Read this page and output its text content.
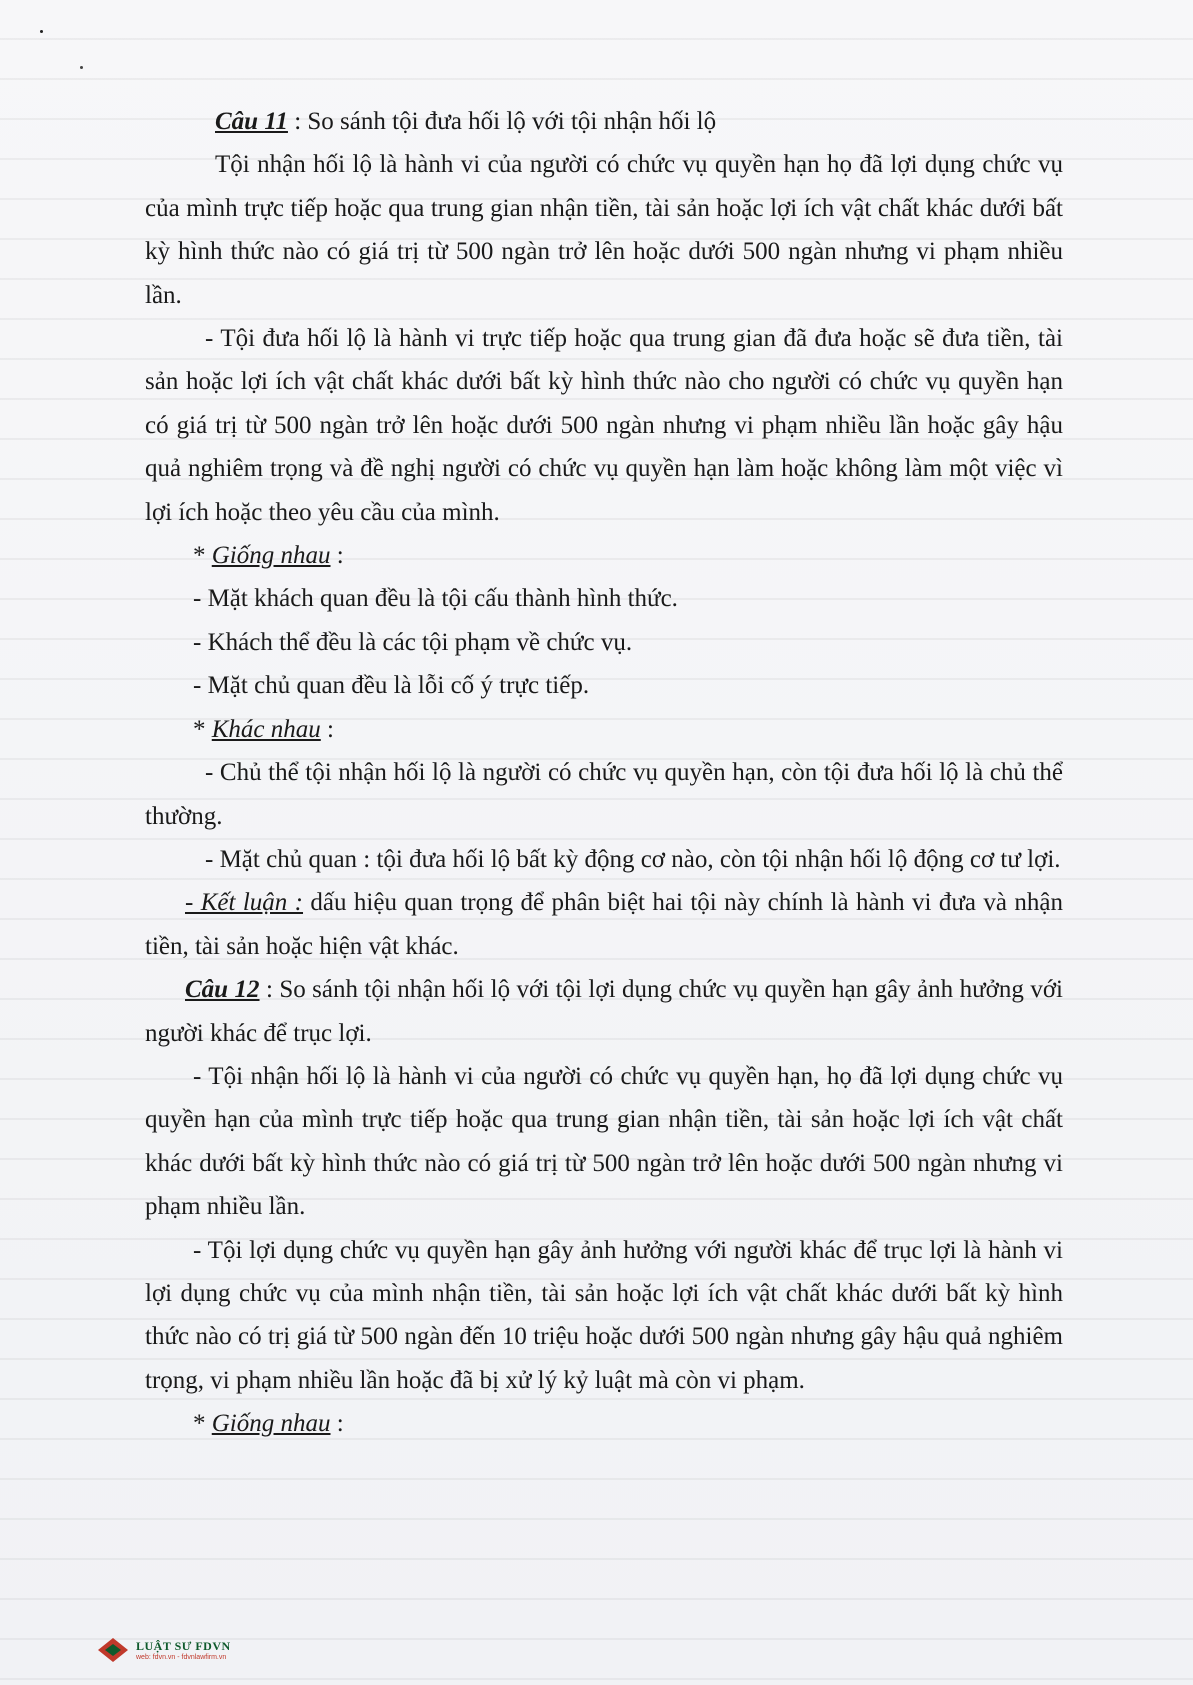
Câu 11 : So sánh tội đưa hối lộ với tội nhận hối lộ

Tội nhận hối lộ là hành vi của người có chức vụ quyền hạn họ đã lợi dụng chức vụ của mình trực tiếp hoặc qua trung gian nhận tiền, tài sản hoặc lợi ích vật chất khác dưới bất kỳ hình thức nào có giá trị từ 500 ngàn trở lên hoặc dưới 500 ngàn nhưng vi phạm nhiều lần.

- Tội đưa hối lộ là hành vi trực tiếp hoặc qua trung gian đã đưa hoặc sẽ đưa tiền, tài sản hoặc lợi ích vật chất khác dưới bất kỳ hình thức nào cho người có chức vụ quyền hạn có giá trị từ 500 ngàn trở lên hoặc dưới 500 ngàn nhưng vi phạm nhiều lần hoặc gây hậu quả nghiêm trọng và đề nghị người có chức vụ quyền hạn làm hoặc không làm một việc vì lợi ích hoặc theo yêu cầu của mình.

* Giống nhau :

- Mặt khách quan đều là tội cấu thành hình thức.

- Khách thể đều là các tội phạm về chức vụ.

- Mặt chủ quan đều là lỗi cố ý trực tiếp.

* Khác nhau :

- Chủ thể tội nhận hối lộ là người có chức vụ quyền hạn, còn tội đưa hối lộ là chủ thể thường.

- Mặt chủ quan : tội đưa hối lộ bất kỳ động cơ nào, còn tội nhận hối lộ động cơ tư lợi.

- Kết luận : dấu hiệu quan trọng để phân biệt hai tội này chính là hành vi đưa và nhận tiền, tài sản hoặc hiện vật khác.

Câu 12 : So sánh tội nhận hối lộ với tội lợi dụng chức vụ quyền hạn gây ảnh hưởng với người khác để trục lợi.

- Tội nhận hối lộ là hành vi của người có chức vụ quyền hạn, họ đã lợi dụng chức vụ quyền hạn của mình trực tiếp hoặc qua trung gian nhận tiền, tài sản hoặc lợi ích vật chất khác dưới bất kỳ hình thức nào có giá trị từ 500 ngàn trở lên hoặc dưới 500 ngàn nhưng vi phạm nhiều lần.

- Tội lợi dụng chức vụ quyền hạn gây ảnh hưởng với người khác để trục lợi là hành vi lợi dụng chức vụ của mình nhận tiền, tài sản hoặc lợi ích vật chất khác dưới bất kỳ hình thức nào có trị giá từ 500 ngàn đến 10 triệu hoặc dưới 500 ngàn nhưng gây hậu quả nghiêm trọng, vi phạm nhiều lần hoặc đã bị xử lý kỷ luật mà còn vi phạm.

* Giống nhau :

LUẬT SƯ FDVN
web: fdvn.vn - fdvnlawfirm.vn
